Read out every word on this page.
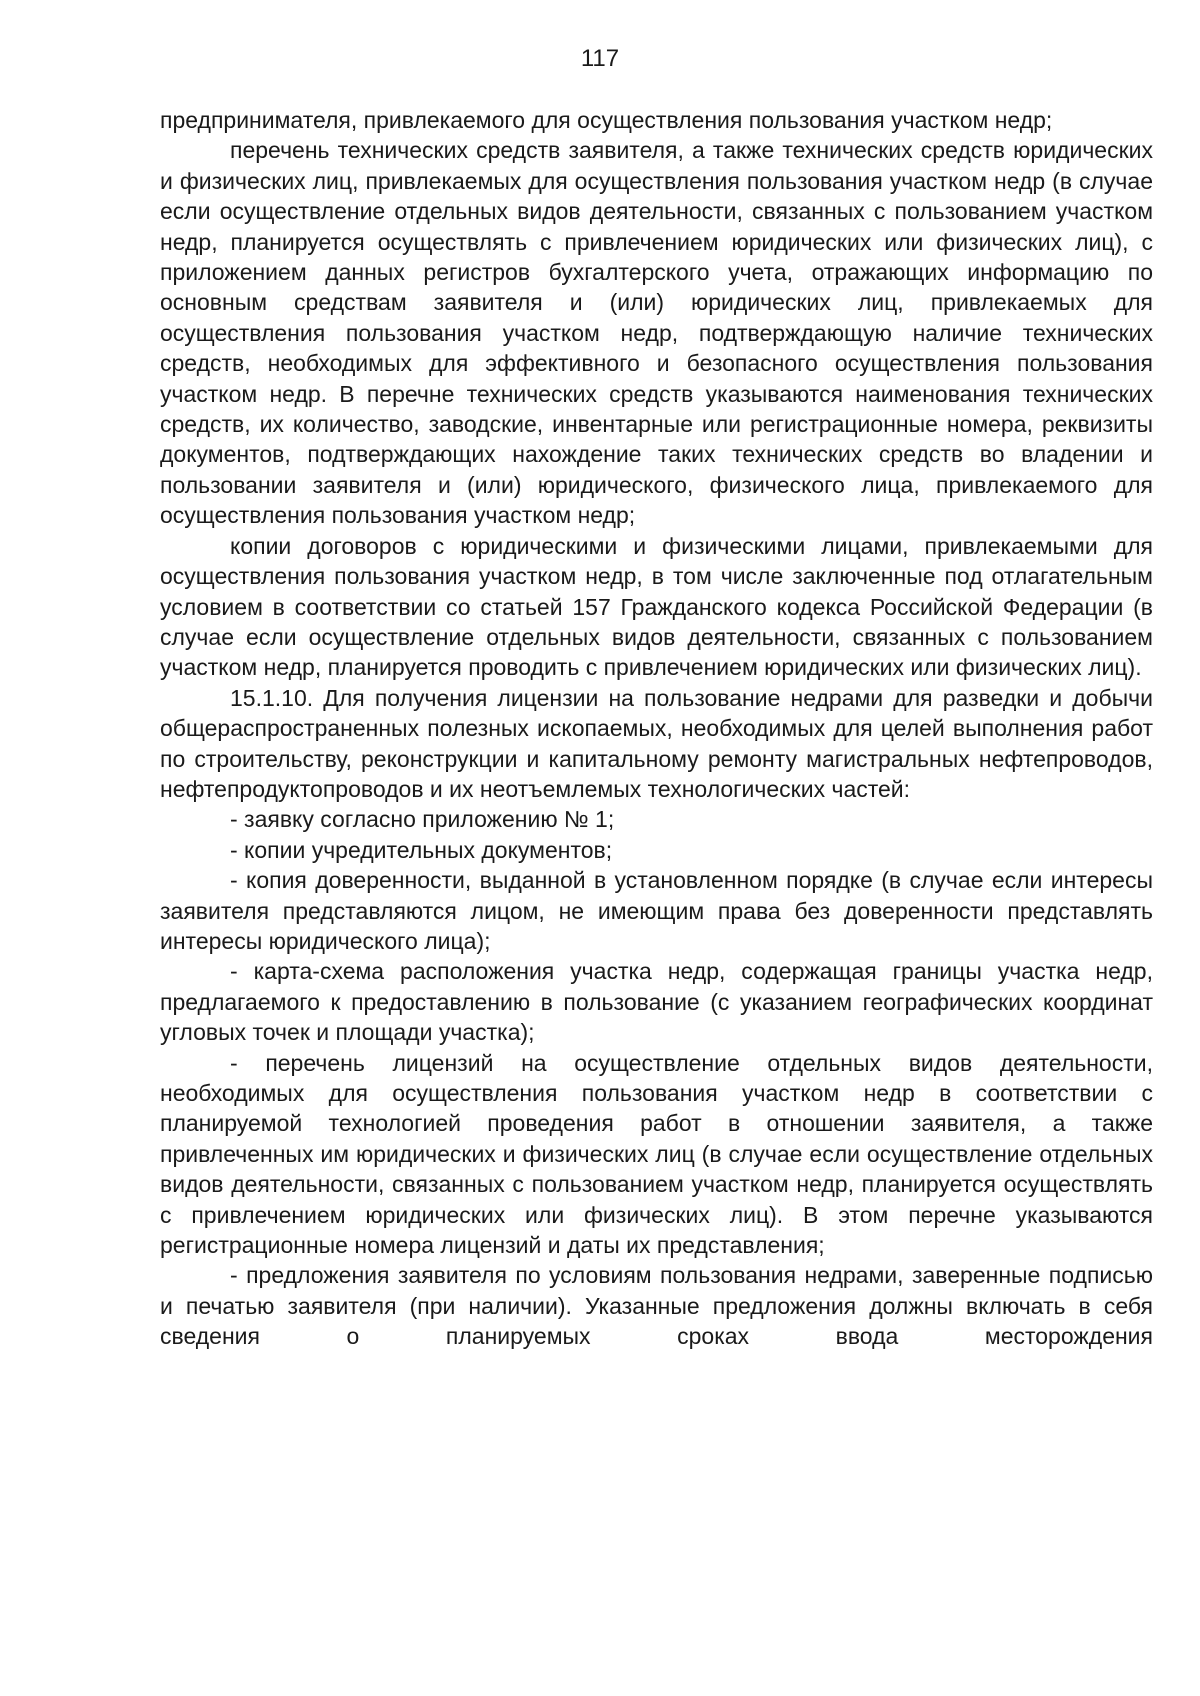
117

предпринимателя, привлекаемого для осуществления пользования участком недр;

перечень технических средств заявителя, а также технических средств юридических и физических лиц, привлекаемых для осуществления пользования участком недр (в случае если осуществление отдельных видов деятельности, связанных с пользованием участком недр, планируется осуществлять с привлечением юридических или физических лиц), с приложением данных регистров бухгалтерского учета, отражающих информацию по основным средствам заявителя и (или) юридических лиц, привлекаемых для осуществления пользования участком недр, подтверждающую наличие технических средств, необходимых для эффективного и безопасного осуществления пользования участком недр. В перечне технических средств указываются наименования технических средств, их количество, заводские, инвентарные или регистрационные номера, реквизиты документов, подтверждающих нахождение таких технических средств во владении и пользовании заявителя и (или) юридического, физического лица, привлекаемого для осуществления пользования участком недр;

копии договоров с юридическими и физическими лицами, привлекаемыми для осуществления пользования участком недр, в том числе заключенные под отлагательным условием в соответствии со статьей 157 Гражданского кодекса Российской Федерации (в случае если осуществление отдельных видов деятельности, связанных с пользованием участком недр, планируется проводить с привлечением юридических или физических лиц).

15.1.10. Для получения лицензии на пользование недрами для разведки и добычи общераспространенных полезных ископаемых, необходимых для целей выполнения работ по строительству, реконструкции и капитальному ремонту магистральных нефтепроводов, нефтепродуктопроводов и их неотъемлемых технологических частей:

- заявку согласно приложению № 1;

- копии учредительных документов;

- копия доверенности, выданной в установленном порядке (в случае если интересы заявителя представляются лицом, не имеющим права без доверенности представлять интересы юридического лица);

- карта-схема расположения участка недр, содержащая границы участка недр, предлагаемого к предоставлению в пользование (с указанием географических координат угловых точек и площади участка);

- перечень лицензий на осуществление отдельных видов деятельности, необходимых для осуществления пользования участком недр в соответствии с планируемой технологией проведения работ в отношении заявителя, а также привлеченных им юридических и физических лиц (в случае если осуществление отдельных видов деятельности, связанных с пользованием участком недр, планируется осуществлять с привлечением юридических или физических лиц). В этом перечне указываются регистрационные номера лицензий и даты их представления;

- предложения заявителя по условиям пользования недрами, заверенные подписью и печатью заявителя (при наличии). Указанные предложения должны включать в себя сведения о планируемых сроках ввода месторождения
